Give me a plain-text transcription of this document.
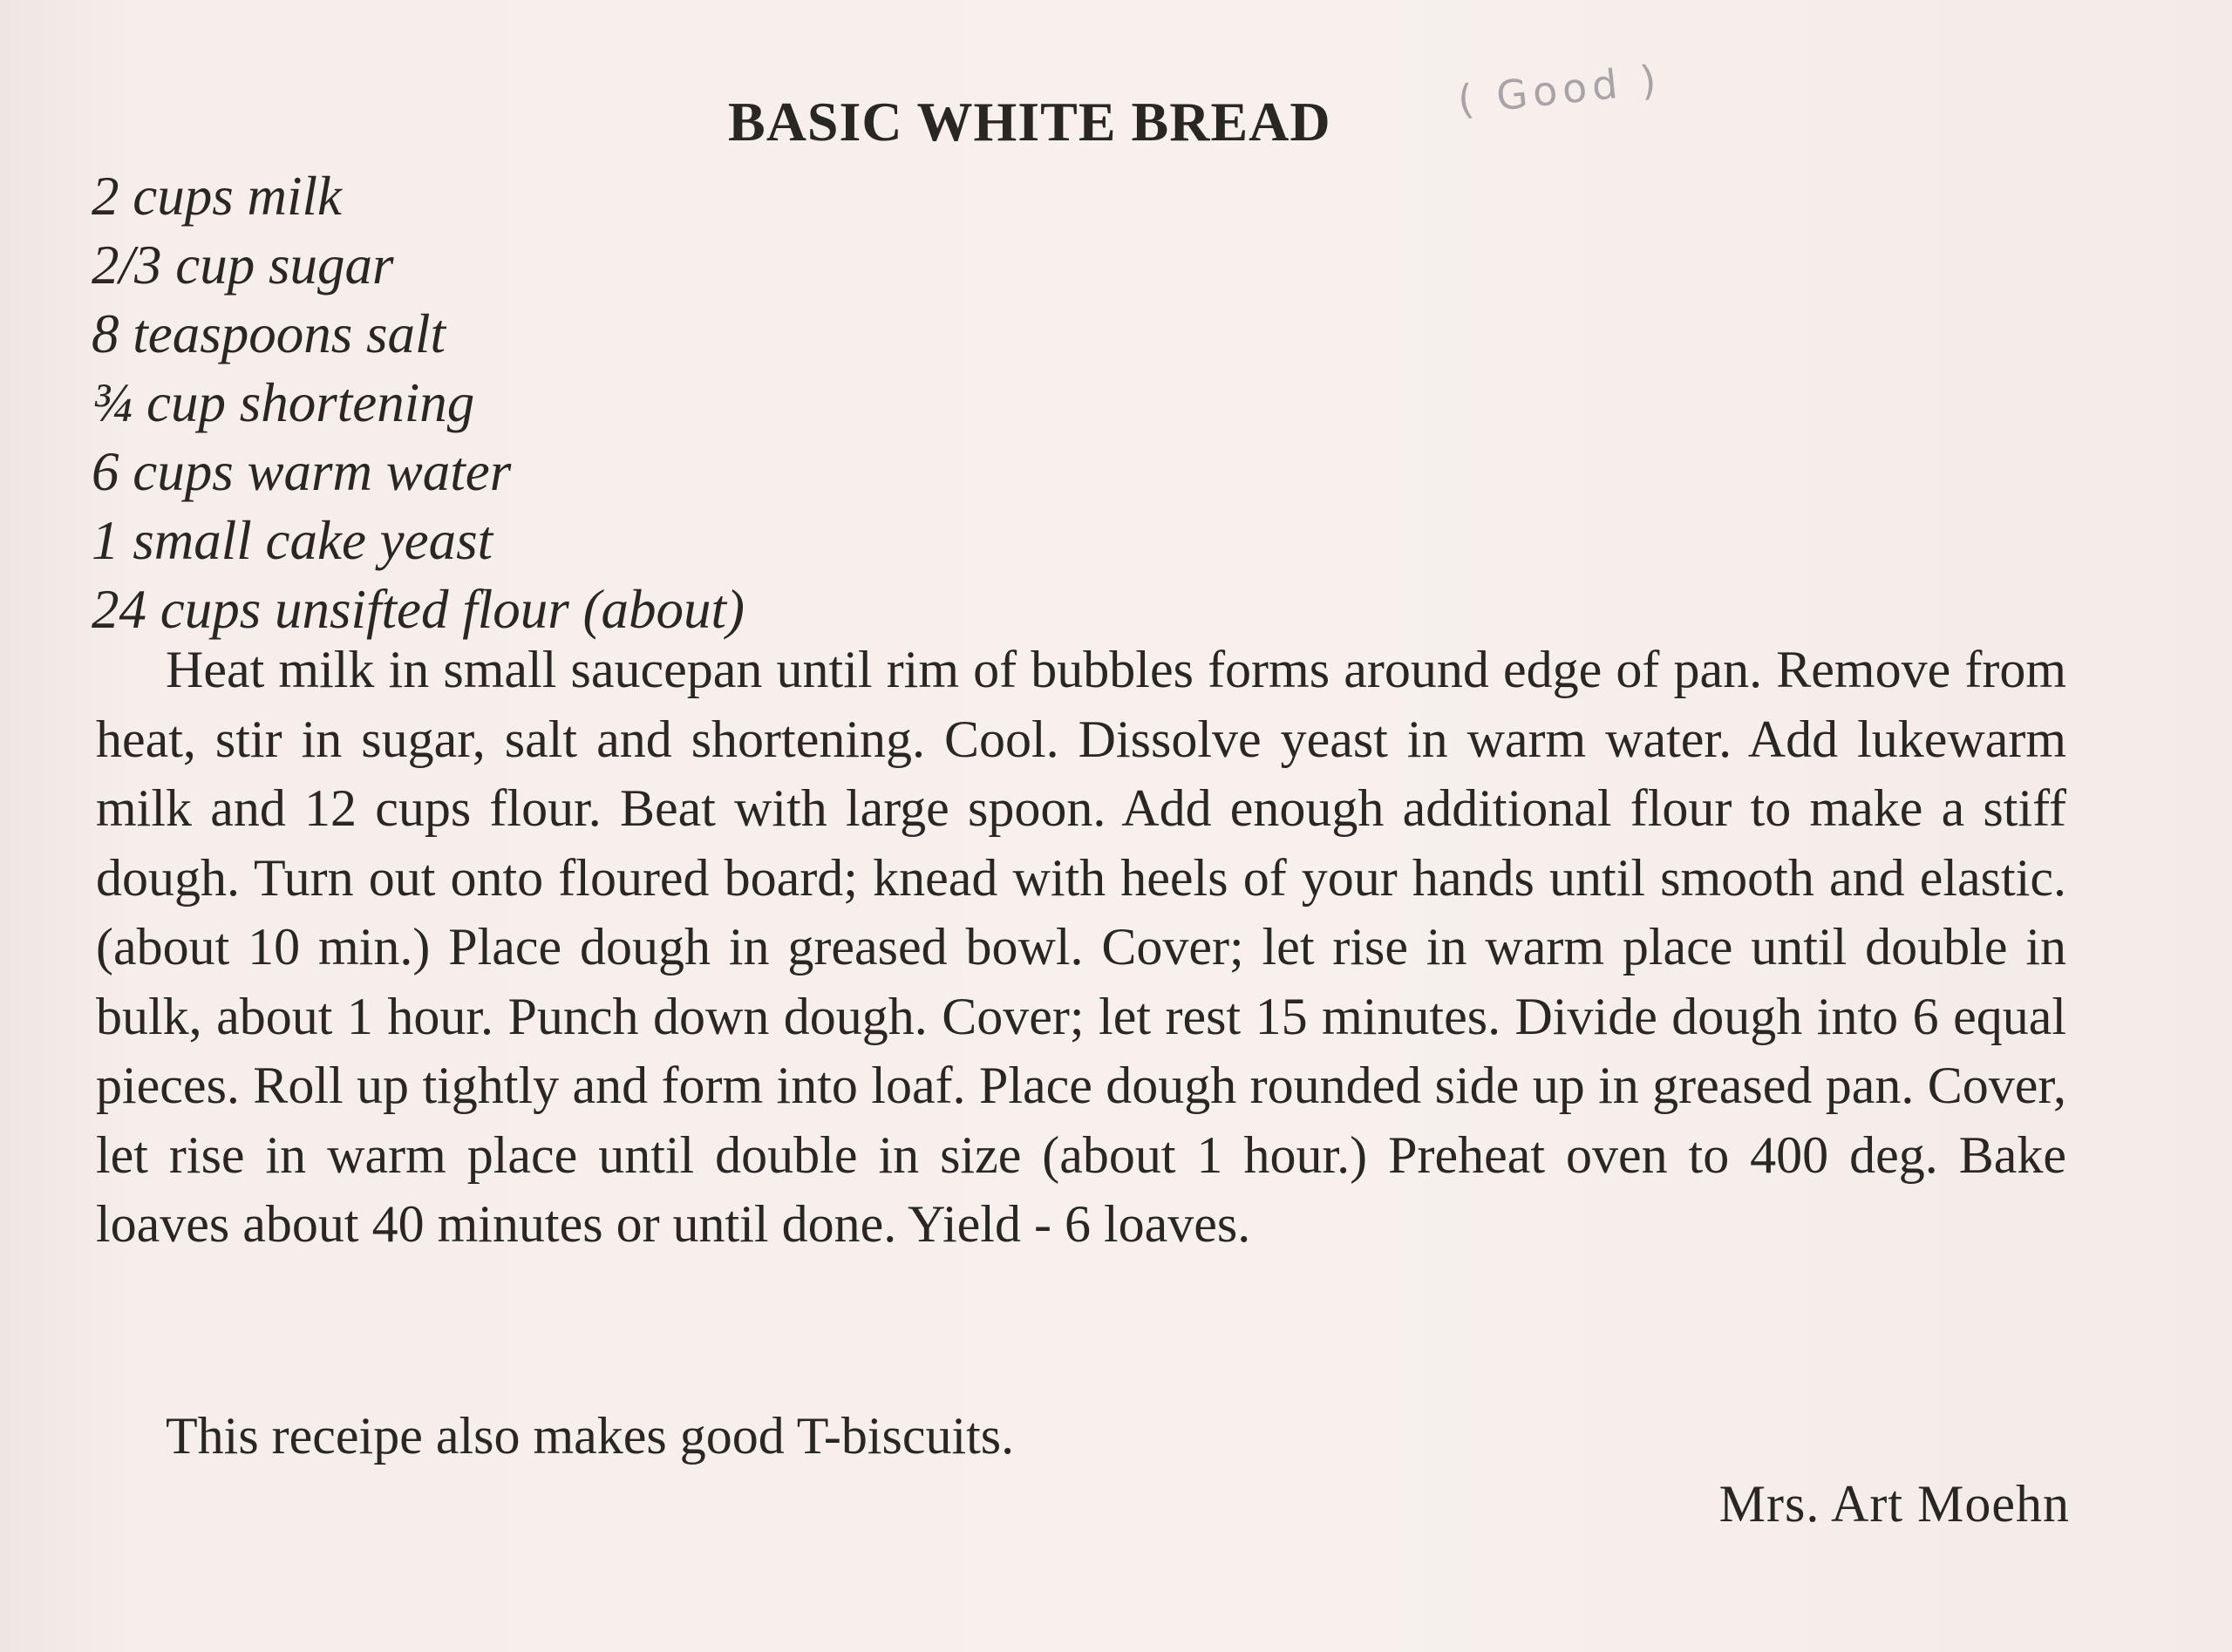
BASIC WHITE BREAD	( Good )
2 cups milk
2/3 cup sugar
8 teaspoons salt
¾ cup shortening
6 cups warm water
1 small cake yeast
24 cups unsifted flour (about)

Heat milk in small saucepan until rim of bubbles forms around edge of pan. Remove from heat, stir in sugar, salt and shortening. Cool. Dissolve yeast in warm water. Add lukewarm milk and 12 cups flour. Beat with large spoon. Add enough additional flour to make a stiff dough. Turn out onto floured board; knead with heels of your hands until smooth and elastic. (about 10 min.) Place dough in greased bowl. Cover; let rise in warm place until double in bulk, about 1 hour. Punch down dough. Cover; let rest 15 minutes. Divide dough into 6 equal pieces. Roll up tightly and form into loaf. Place dough rounded side up in greased pan. Cover, let rise in warm place until double in size (about 1 hour.) Preheat oven to 400 deg. Bake loaves about 40 minutes or until done. Yield - 6 loaves.

This receipe also makes good T-biscuits.

Mrs. Art Moehn
